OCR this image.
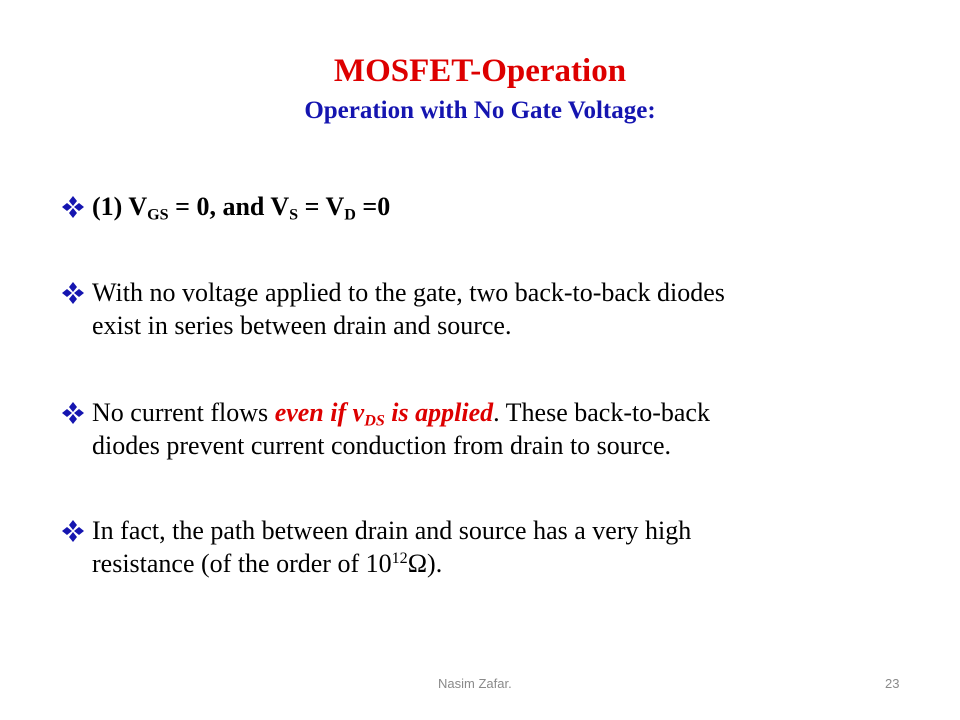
MOSFET-Operation
Operation with No Gate Voltage:
(1) $V_{GS} = 0$, and $V_S = V_D =0$
With no voltage applied to the gate, two back-to-back diodes
exist in series between drain and source.
No current flows even if $v_{DS}$ is applied. These back-to-back
diodes prevent current conduction from drain to source.
In fact, the path between drain and source has a very high
resistance (of the order of $10^{12}\Omega$).
Nasim Zafar.	23
